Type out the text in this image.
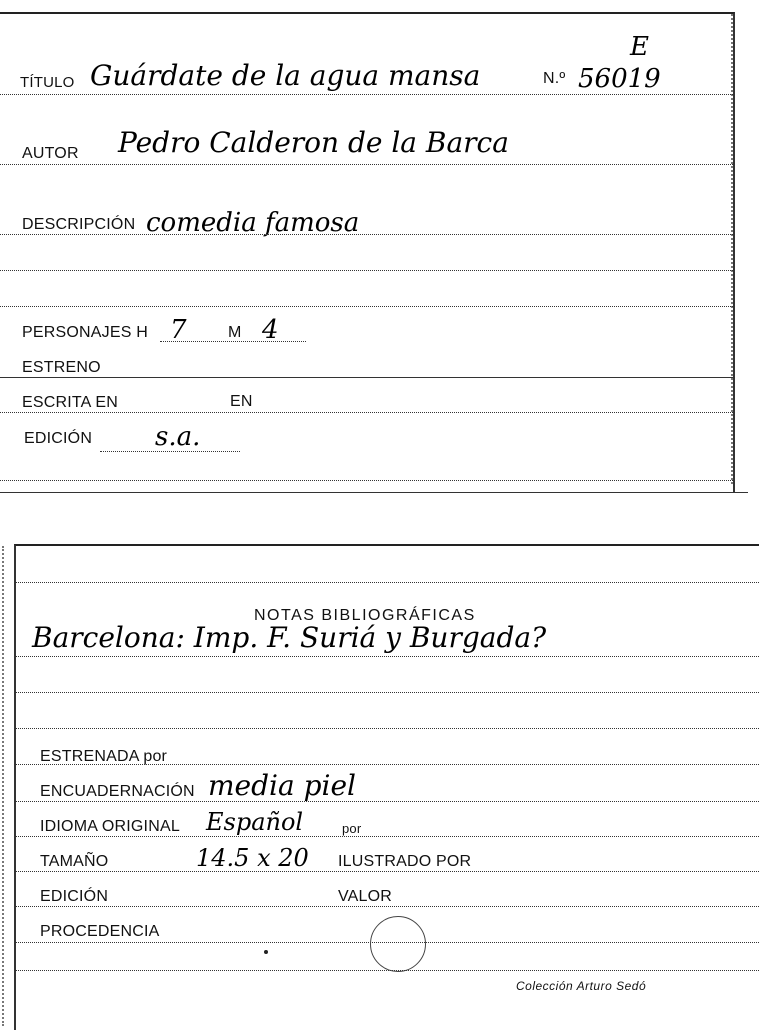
E
TÍTULO Guárdate de la agua mansa	N.º 56019
AUTOR Pedro Calderon de la Barca
DESCRIPCIÓN comedia famosa
PERSONAJES H 7	M 4
ESTRENO
ESCRITA EN	EN
EDICIÓN s.a.
NOTAS BIBLIOGRÁFICAS
Barcelona: Imp. F. Suriá y Burgada?
ESTRENADA por
ENCUADERNACIÓN media piel
IDIOMA ORIGINAL Español	por
TAMAÑO	14.5 x 20 ILUSTRADO POR
EDICIÓN	VALOR
PROCEDENCIA
Colección Arturo Sedó
